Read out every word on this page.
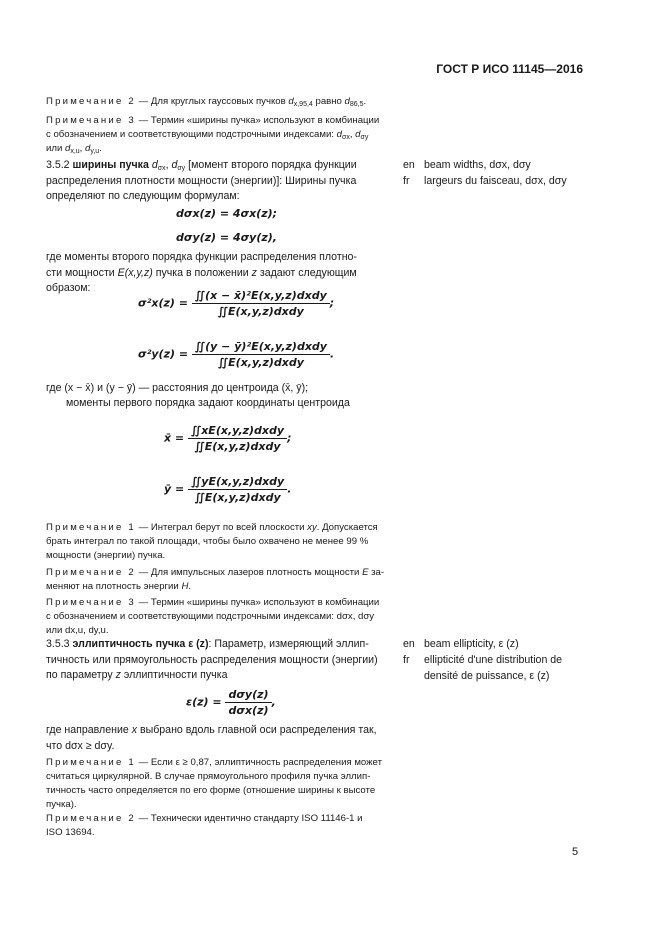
ГОСТ Р ИСО 11145—2016
Примечание 2 — Для круглых гауссовых пучков $d_{x,95,4}$ равно $d_{86,5}$.
Примечание 3 — Термин «ширины пучка» используют в комбинации
с обозначением и соответствующими подстрочными индексами: $d_{\sigma x}$, $d_{\sigma y}$
или $d_{x,u}$, $d_{y,u}$.
3.5.2 ширины пучка $d_{\sigma x}$, $d_{\sigma y}$ [момент второго порядка функции
распределения плотности мощности (энергии)]: Ширины пучка
определяют по следующим формулам:
en
fr
beam widths, dσx, dσy
largeurs du faisceau, dσx, dσy
dσx(z) = 4σx(z);
dσy(z) = 4σy(z),
где моменты второго порядка функции распределения плотно-
сти мощности E(x,y,z) пучка в положении z задают следующим
образом:
$\sigma^2x(z) = \frac{\text{∬(x − x̄)²E(x,y,z)dxdy}}{\text{∬E(x,y,z)dxdy}}$ ;
$\sigma^2y(z) = \frac{\text{∬(y − ȳ)²E(x,y,z)dxdy}}{\text{∬E(x,y,z)dxdy}}$ .
где (x − x̄) и (y − ȳ) — расстояния до центроида (x̄, ȳ);
моменты первого порядка задают координаты центроида
x̄ = $\frac{\text{∬xE(x,y,z)dxdy}}{\text{∬E(x,y,z)dxdy}}$ ;
ȳ = $\frac{\text{∬yE(x,y,z)dxdy}}{\text{∬E(x,y,z)dxdy}}$ .
Примечание 1 — Интеграл берут по всей плоскости xy. Допускается
брать интеграл по такой площади, чтобы было охвачено не менее 99 %
мощности (энергии) пучка.
Примечание 2 — Для импульсных лазеров плотность мощности E за-
меняют на плотность энергии H.
Примечание 3 — Термин «ширины пучка» используют в комбинации
с обозначением и соответствующими подстрочными индексами: dσx, dσy
или dx,u, dy,u.
3.5.3 эллиптичность пучка ε (z): Параметр, измеряющий эллип-
тичность или прямоугольность распределения мощности (энергии)
по параметру z эллиптичности пучка
en
fr
beam ellipticity, ε (z)
ellipticité d'une distribution de
densité de puissance, ε (z)
$\varepsilon(z) = \frac{\text{dσy(z)}}{\text{dσx(z)}}$ ,
где направление x выбрано вдоль главной оси распределения так,
что dσx ≥ dσy.
Примечание 1 — Если ε ≥ 0,87, эллиптичность распределения может
считаться циркулярной. В случае прямоугольного профиля пучка эллип-
тичность часто определяется по его форме (отношение ширины к высоте
пучка).
Примечание 2 — Технически идентично стандарту ISO 11146-1 и
ISO 13694.
5
